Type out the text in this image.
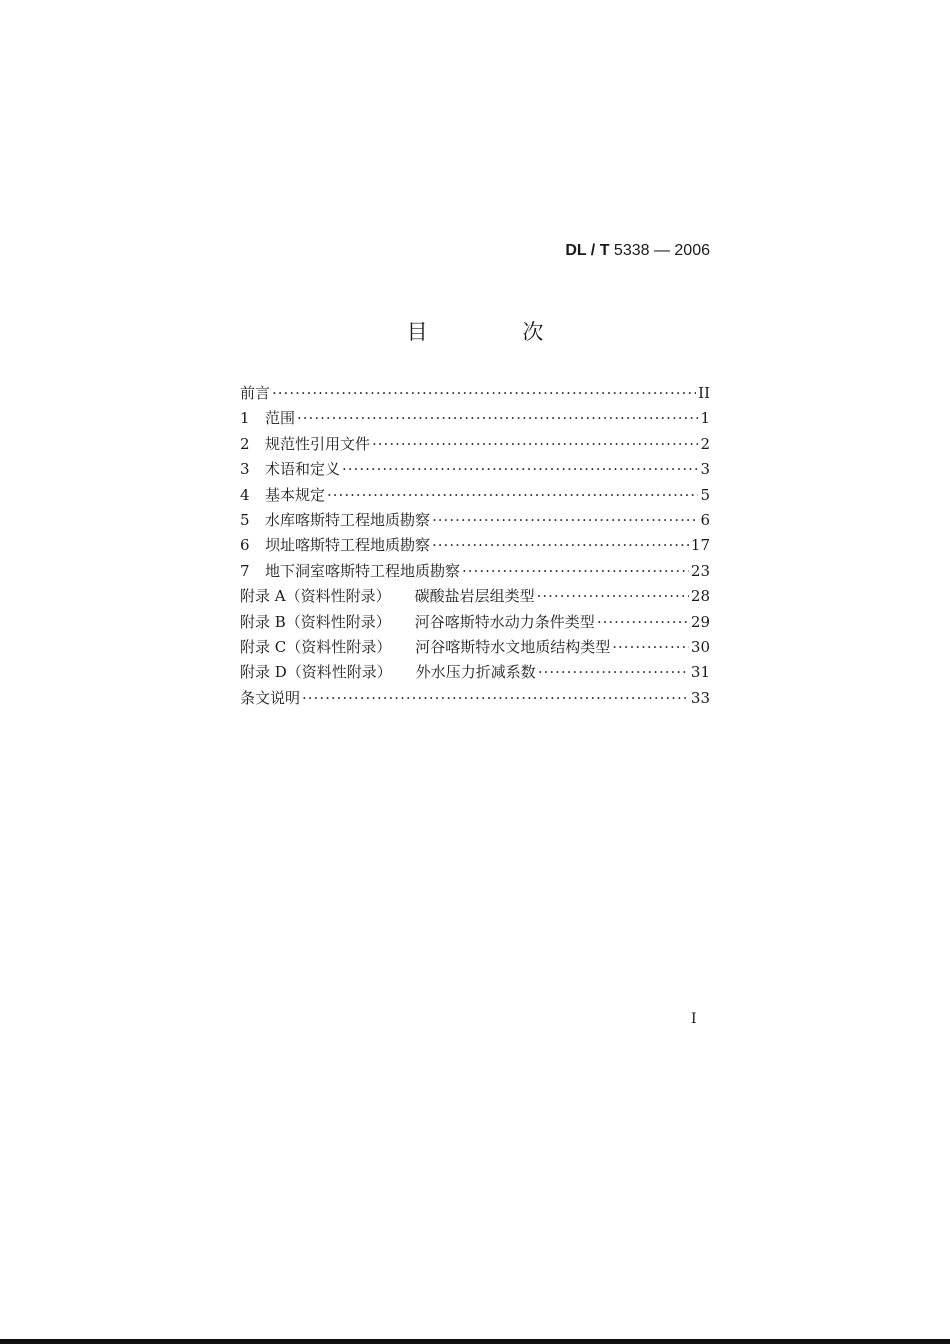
DL / T 5338 — 2006
目 次
前言 ·····	II
1	范围 ·····	1
2	规范性引用文件 ·····	2
3	术语和定义 ·····	3
4	基本规定 ·····	5
5	水库喀斯特工程地质勘察 ·····	6
6	坝址喀斯特工程地质勘察 ·····	17
7	地下洞室喀斯特工程地质勘察 ·····	23
附录 A（资料性附录） 碳酸盐岩层组类型 ·····	28
附录 B（资料性附录） 河谷喀斯特水动力条件类型 ·····	29
附录 C（资料性附录） 河谷喀斯特水文地质结构类型 ·····	30
附录 D（资料性附录） 外水压力折减系数 ·····	31
条文说明 ·····	33
I
